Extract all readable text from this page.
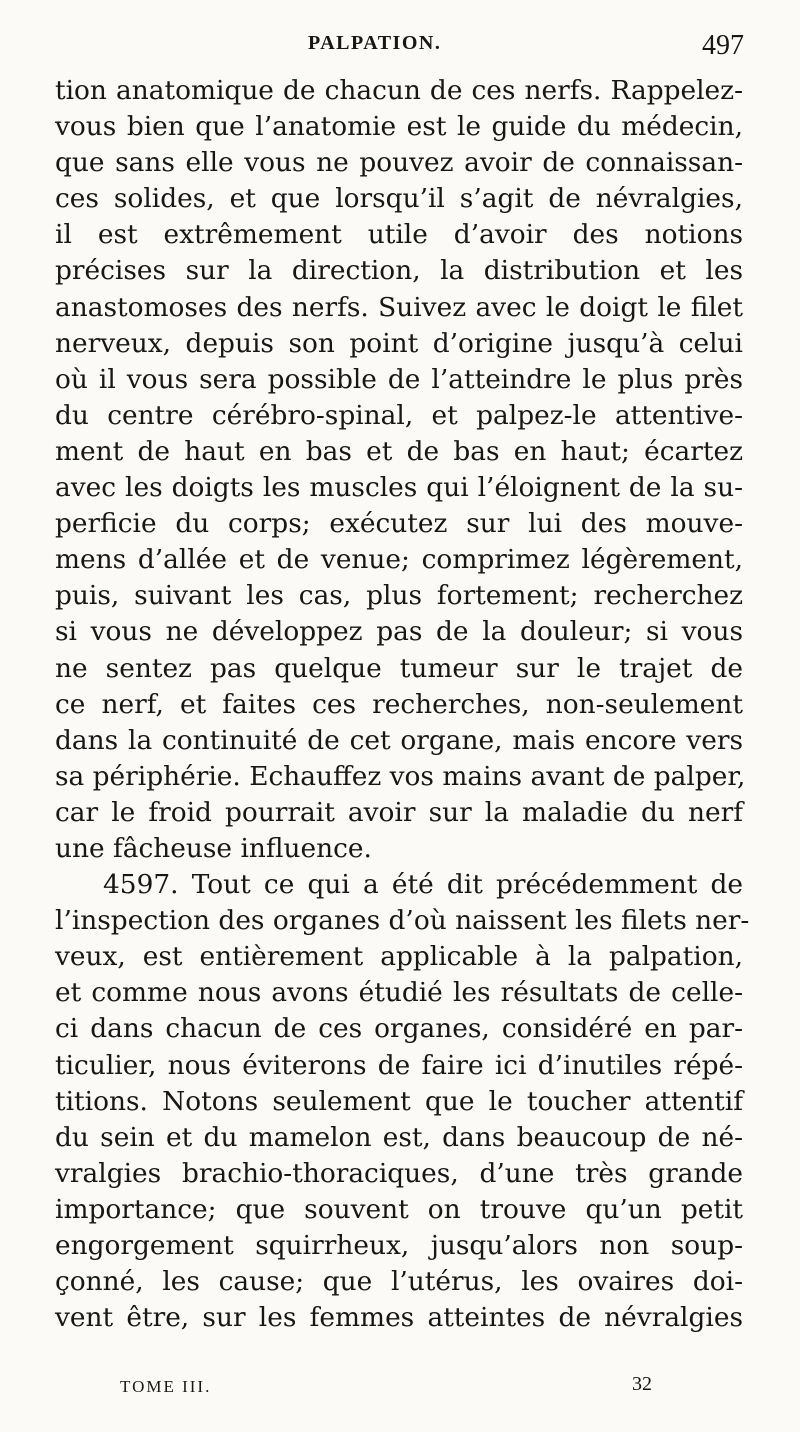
PALPATION.	497
tion anatomique de chacun de ces nerfs. Rappelez-
vous bien que l’anatomie est le guide du médecin,
que sans elle vous ne pouvez avoir de connaissan-
ces solides, et que lorsqu’il s’agit de névralgies,
il est extrêmement utile d’avoir des notions
précises sur la direction, la distribution et les
anastomoses des nerfs. Suivez avec le doigt le filet
nerveux, depuis son point d’origine jusqu’à celui
où il vous sera possible de l’atteindre le plus près
du centre cérébro-spinal, et palpez-le attentive-
ment de haut en bas et de bas en haut; écartez
avec les doigts les muscles qui l’éloignent de la su-
perficie du corps; exécutez sur lui des mouve-
mens d’allée et de venue; comprimez légèrement,
puis, suivant les cas, plus fortement; recherchez
si vous ne développez pas de la douleur; si vous
ne sentez pas quelque tumeur sur le trajet de
ce nerf, et faites ces recherches, non-seulement
dans la continuité de cet organe, mais encore vers
sa périphérie. Echauffez vos mains avant de palper,
car le froid pourrait avoir sur la maladie du nerf
une fâcheuse influence.
4597. Tout ce qui a été dit précédemment de
l’inspection des organes d’où naissent les filets ner-
veux, est entièrement applicable à la palpation,
et comme nous avons étudié les résultats de celle-
ci dans chacun de ces organes, considéré en par-
ticulier, nous éviterons de faire ici d’inutiles répé-
titions. Notons seulement que le toucher attentif
du sein et du mamelon est, dans beaucoup de né-
vralgies brachio-thoraciques, d’une très grande
importance; que souvent on trouve qu’un petit
engorgement squirrheux, jusqu’alors non soup-
çonné, les cause; que l’utérus, les ovaires doi-
vent être, sur les femmes atteintes de névralgies
TOME III.	32
